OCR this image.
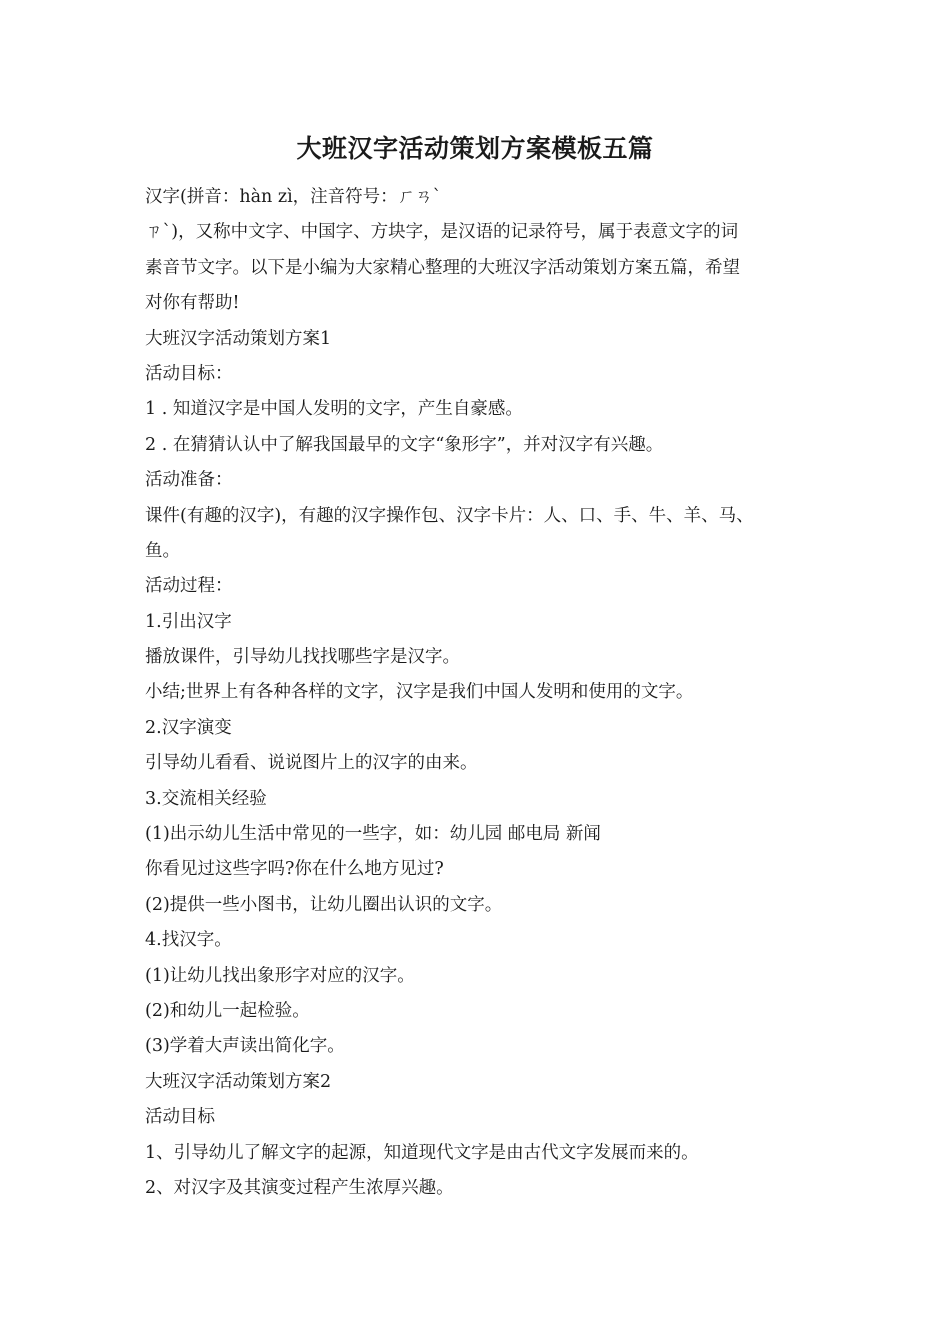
大班汉字活动策划方案模板五篇
汉字(拼音：hàn zì，注音符号：ㄏㄢˋ
ㄗˋ)，又称中文字、中国字、方块字，是汉语的记录符号，属于表意文字的词
素音节文字。以下是小编为大家精心整理的大班汉字活动策划方案五篇，希望
对你有帮助!
大班汉字活动策划方案1
活动目标：
1 . 知道汉字是中国人发明的文字，产生自豪感。
2 . 在猜猜认认中了解我国最早的文字“象形字”，并对汉字有兴趣。
活动准备：
课件(有趣的汉字)，有趣的汉字操作包、汉字卡片：人、口、手、牛、羊、马、
鱼。
活动过程：
1.引出汉字
播放课件，引导幼儿找找哪些字是汉字。
小结;世界上有各种各样的文字，汉字是我们中国人发明和使用的文字。
2.汉字演变
引导幼儿看看、说说图片上的汉字的由来。
3.交流相关经验
(1)出示幼儿生活中常见的一些字，如：幼儿园 邮电局 新闻
你看见过这些字吗?你在什么地方见过?
(2)提供一些小图书，让幼儿圈出认识的文字。
4.找汉字。
(1)让幼儿找出象形字对应的汉字。
(2)和幼儿一起检验。
(3)学着大声读出简化字。
大班汉字活动策划方案2
活动目标
1、引导幼儿了解文字的起源，知道现代文字是由古代文字发展而来的。
2、对汉字及其演变过程产生浓厚兴趣。
